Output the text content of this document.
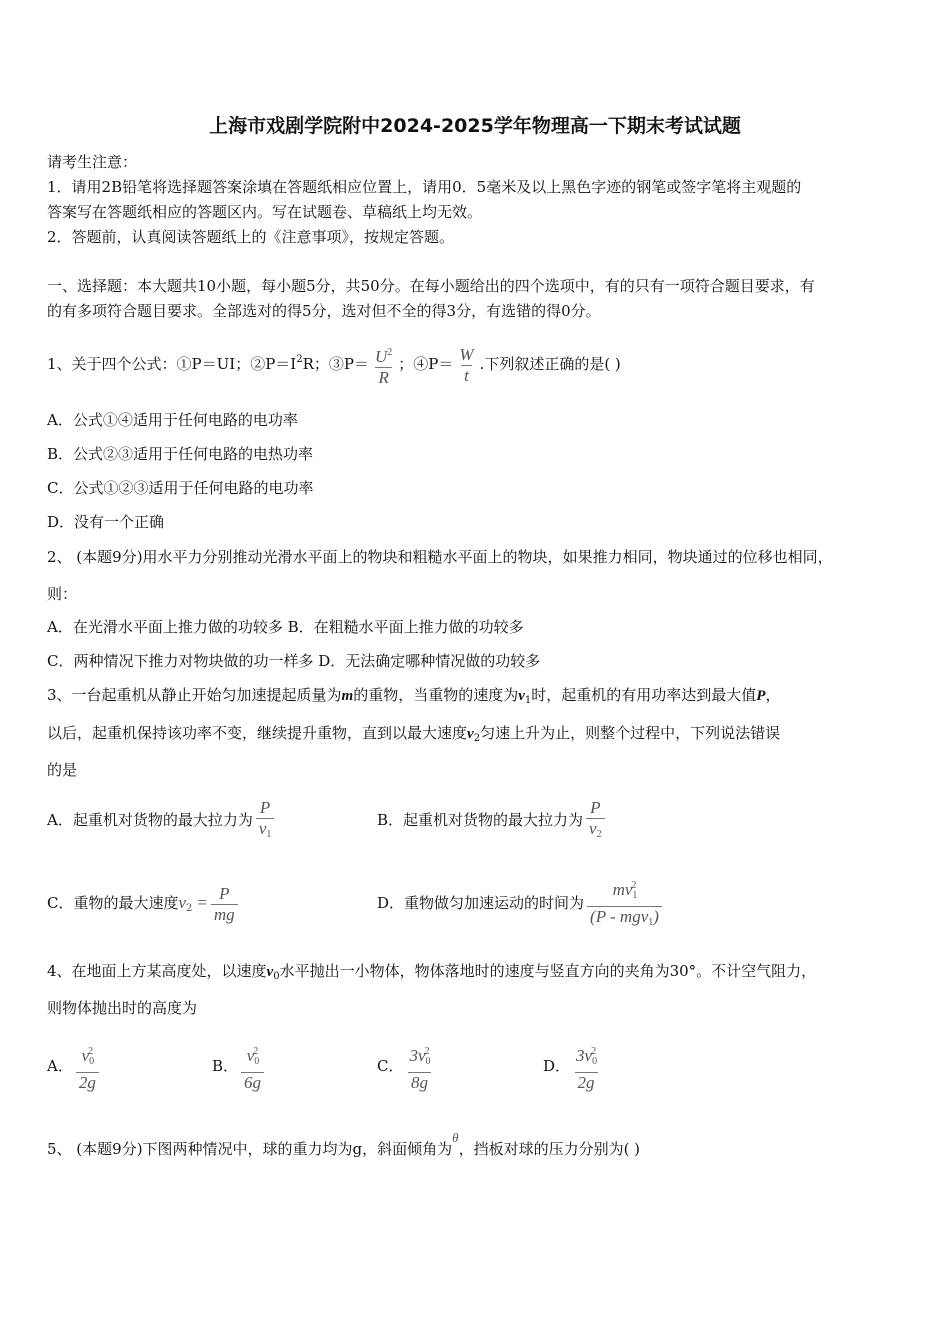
上海市戏剧学院附中2024-2025学年物理高一下期末考试试题
请考生注意：
1．请用2B铅笔将选择题答案涂填在答题纸相应位置上，请用0．5毫米及以上黑色字迹的钢笔或签字笔将主观题的
答案写在答题纸相应的答题区内。写在试题卷、草稿纸上均无效。
2．答题前，认真阅读答题纸上的《注意事项》，按规定答题。
一、选择题：本大题共10小题，每小题5分，共50分。在每小题给出的四个选项中，有的只有一项符合题目要求，有
的有多项符合题目要求。全部选对的得5分，选对但不全的得3分，有选错的得0分。
1、关于四个公式：①P＝UI；$②P=I^2R$；③P＝ $\frac{U^2}{R}$ ；④P＝ $\frac{W}{t}$ .下列叙述正确的是( )
A．公式①④适用于任何电路的电功率
B．公式②③适用于任何电路的电热功率
C．公式①②③适用于任何电路的电功率
D．没有一个正确
2、 (本题9分)用水平力分别推动光滑水平面上的物块和粗糙水平面上的物块，如果推力相同，物块通过的位移也相同，
则：
A．在光滑水平面上推力做的功较多 B．在粗糙水平面上推力做的功较多
C．两种情况下推力对物块做的功一样多 D．无法确定哪种情况做的功较多
3、一台起重机从静止开始匀加速提起质量为m的重物，当重物的速度为$v_1$时，起重机的有用功率达到最大值P，
以后，起重机保持该功率不变，继续提升重物，直到以最大速度$v_2$匀速上升为止，则整个过程中，下列说法错误
的是
A．起重机对货物的最大拉力为 $\frac{P}{v_1}$	B．起重机对货物的最大拉力为 $\frac{P}{v_2}$
C．重物的最大速度$v_2 = \frac{P}{mg}$	D．重物做匀加速运动的时间为 $\frac{mv_1^2}{(P - mgv_1)}$
4、在地面上方某高度处，以速度$v_0$水平抛出一小物体，物体落地时的速度与竖直方向的夹角为30°。不计空气阻力，
则物体抛出时的高度为
A． $\frac{v_0^2}{2g}$	B． $\frac{v_0^2}{6g}$	C． $\frac{3v_0^2}{8g}$	D． $\frac{3v_0^2}{2g}$
5、 (本题9分)下图两种情况中，球的重力均为g，斜面倾角为θ，挡板对球的压力分别为( )
